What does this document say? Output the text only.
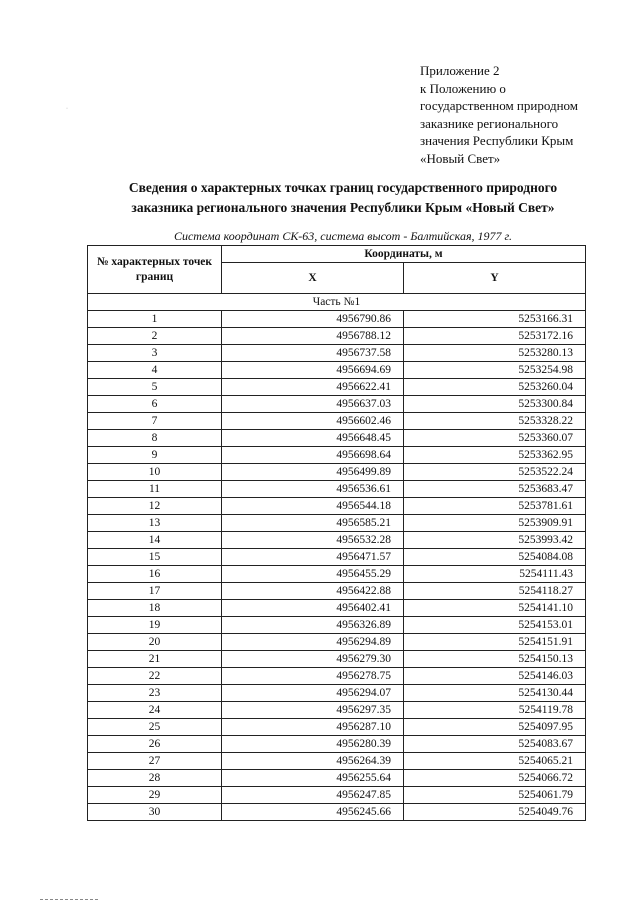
Приложение 2
к Положению о
государственном природном
заказнике регионального
значения Республики Крым
«Новый Свет»
Сведения о характерных точках границ государственного природного
заказника регионального значения Республики Крым «Новый Свет»
Система координат СК-63, система высот - Балтийская, 1977 г.
№ характерных точек границ	Координаты, м	
	X	Y
Часть №1		
1	4956790.86	5253166.31
2	4956788.12	5253172.16
3	4956737.58	5253280.13
4	4956694.69	5253254.98
5	4956622.41	5253260.04
6	4956637.03	5253300.84
7	4956602.46	5253328.22
8	4956648.45	5253360.07
9	4956698.64	5253362.95
10	4956499.89	5253522.24
11	4956536.61	5253683.47
12	4956544.18	5253781.61
13	4956585.21	5253909.91
14	4956532.28	5253993.42
15	4956471.57	5254084.08
16	4956455.29	5254111.43
17	4956422.88	5254118.27
18	4956402.41	5254141.10
19	4956326.89	5254153.01
20	4956294.89	5254151.91
21	4956279.30	5254150.13
22	4956278.75	5254146.03
23	4956294.07	5254130.44
24	4956297.35	5254119.78
25	4956287.10	5254097.95
26	4956280.39	5254083.67
27	4956264.39	5254065.21
28	4956255.64	5254066.72
29	4956247.85	5254061.79
30	4956245.66	5254049.76
·
